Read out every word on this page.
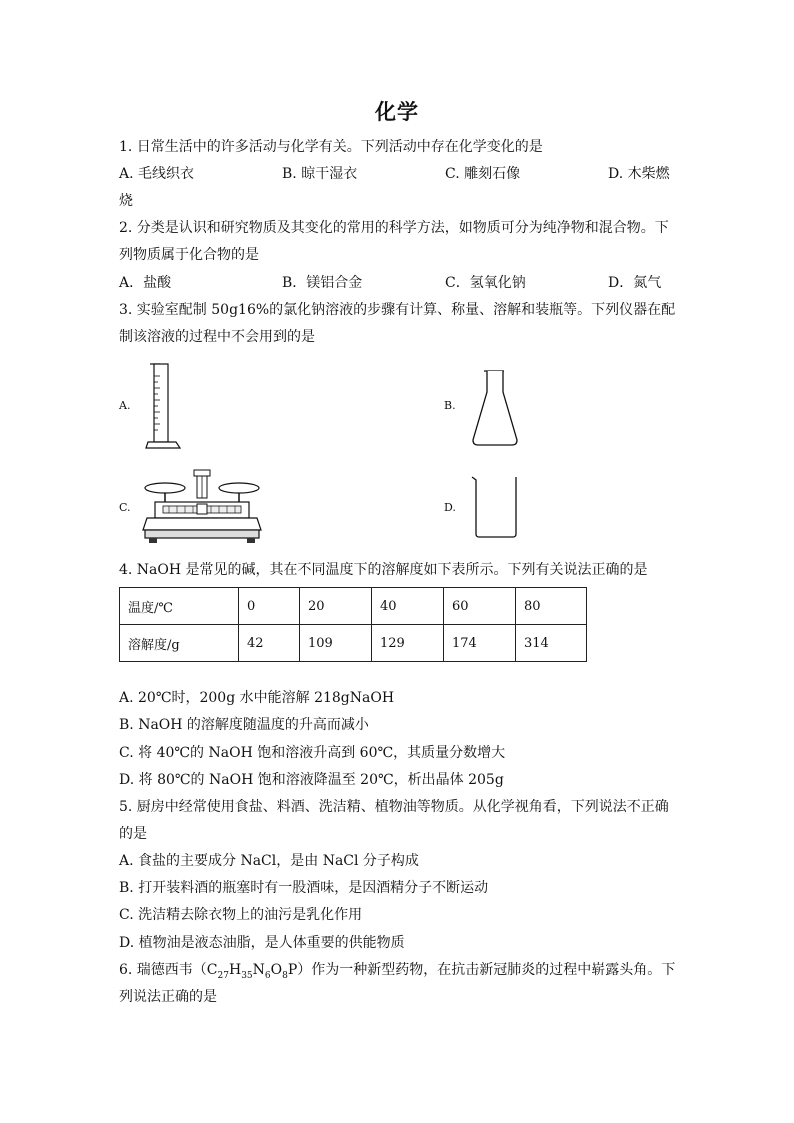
化学
1. 日常生活中的许多活动与化学有关。下列活动中存在化学变化的是
A. 毛线织衣	B. 晾干湿衣	C. 雕刻石像	D. 木柴燃
烧
2. 分类是认识和研究物质及其变化的常用的科学方法，如物质可分为纯净物和混合物。下
列物质属于化合物的是
A．盐酸	B．镁铝合金	C．氢氧化钠	D．氮气
3. 实验室配制 50g16%的氯化钠溶液的步骤有计算、称量、溶解和装瓶等。下列仪器在配
制该溶液的过程中不会用到的是
A.	B.
C.	D.
4. NaOH 是常见的碱，其在不同温度下的溶解度如下表所示。下列有关说法正确的是
温度/℃	0	20	40	60	80
溶解度/g	42	109	129	174	314
A. 20℃时，200g 水中能溶解 218gNaOH
B. NaOH 的溶解度随温度的升高而减小
C. 将 40℃的 NaOH 饱和溶液升高到 60℃，其质量分数增大
D. 将 80℃的 NaOH 饱和溶液降温至 20℃，析出晶体 205g
5. 厨房中经常使用食盐、料酒、洗洁精、植物油等物质。从化学视角看，下列说法不正确
的是
A. 食盐的主要成分 NaCl，是由 NaCl 分子构成
B. 打开装料酒的瓶塞时有一股酒味，是因酒精分子不断运动
C. 洗洁精去除衣物上的油污是乳化作用
D. 植物油是液态油脂，是人体重要的供能物质
6. 瑞德西韦$(C_{27}H_{35}N_6O_8P)$作为一种新型药物，在抗击新冠肺炎的过程中崭露头角。下
列说法正确的是
